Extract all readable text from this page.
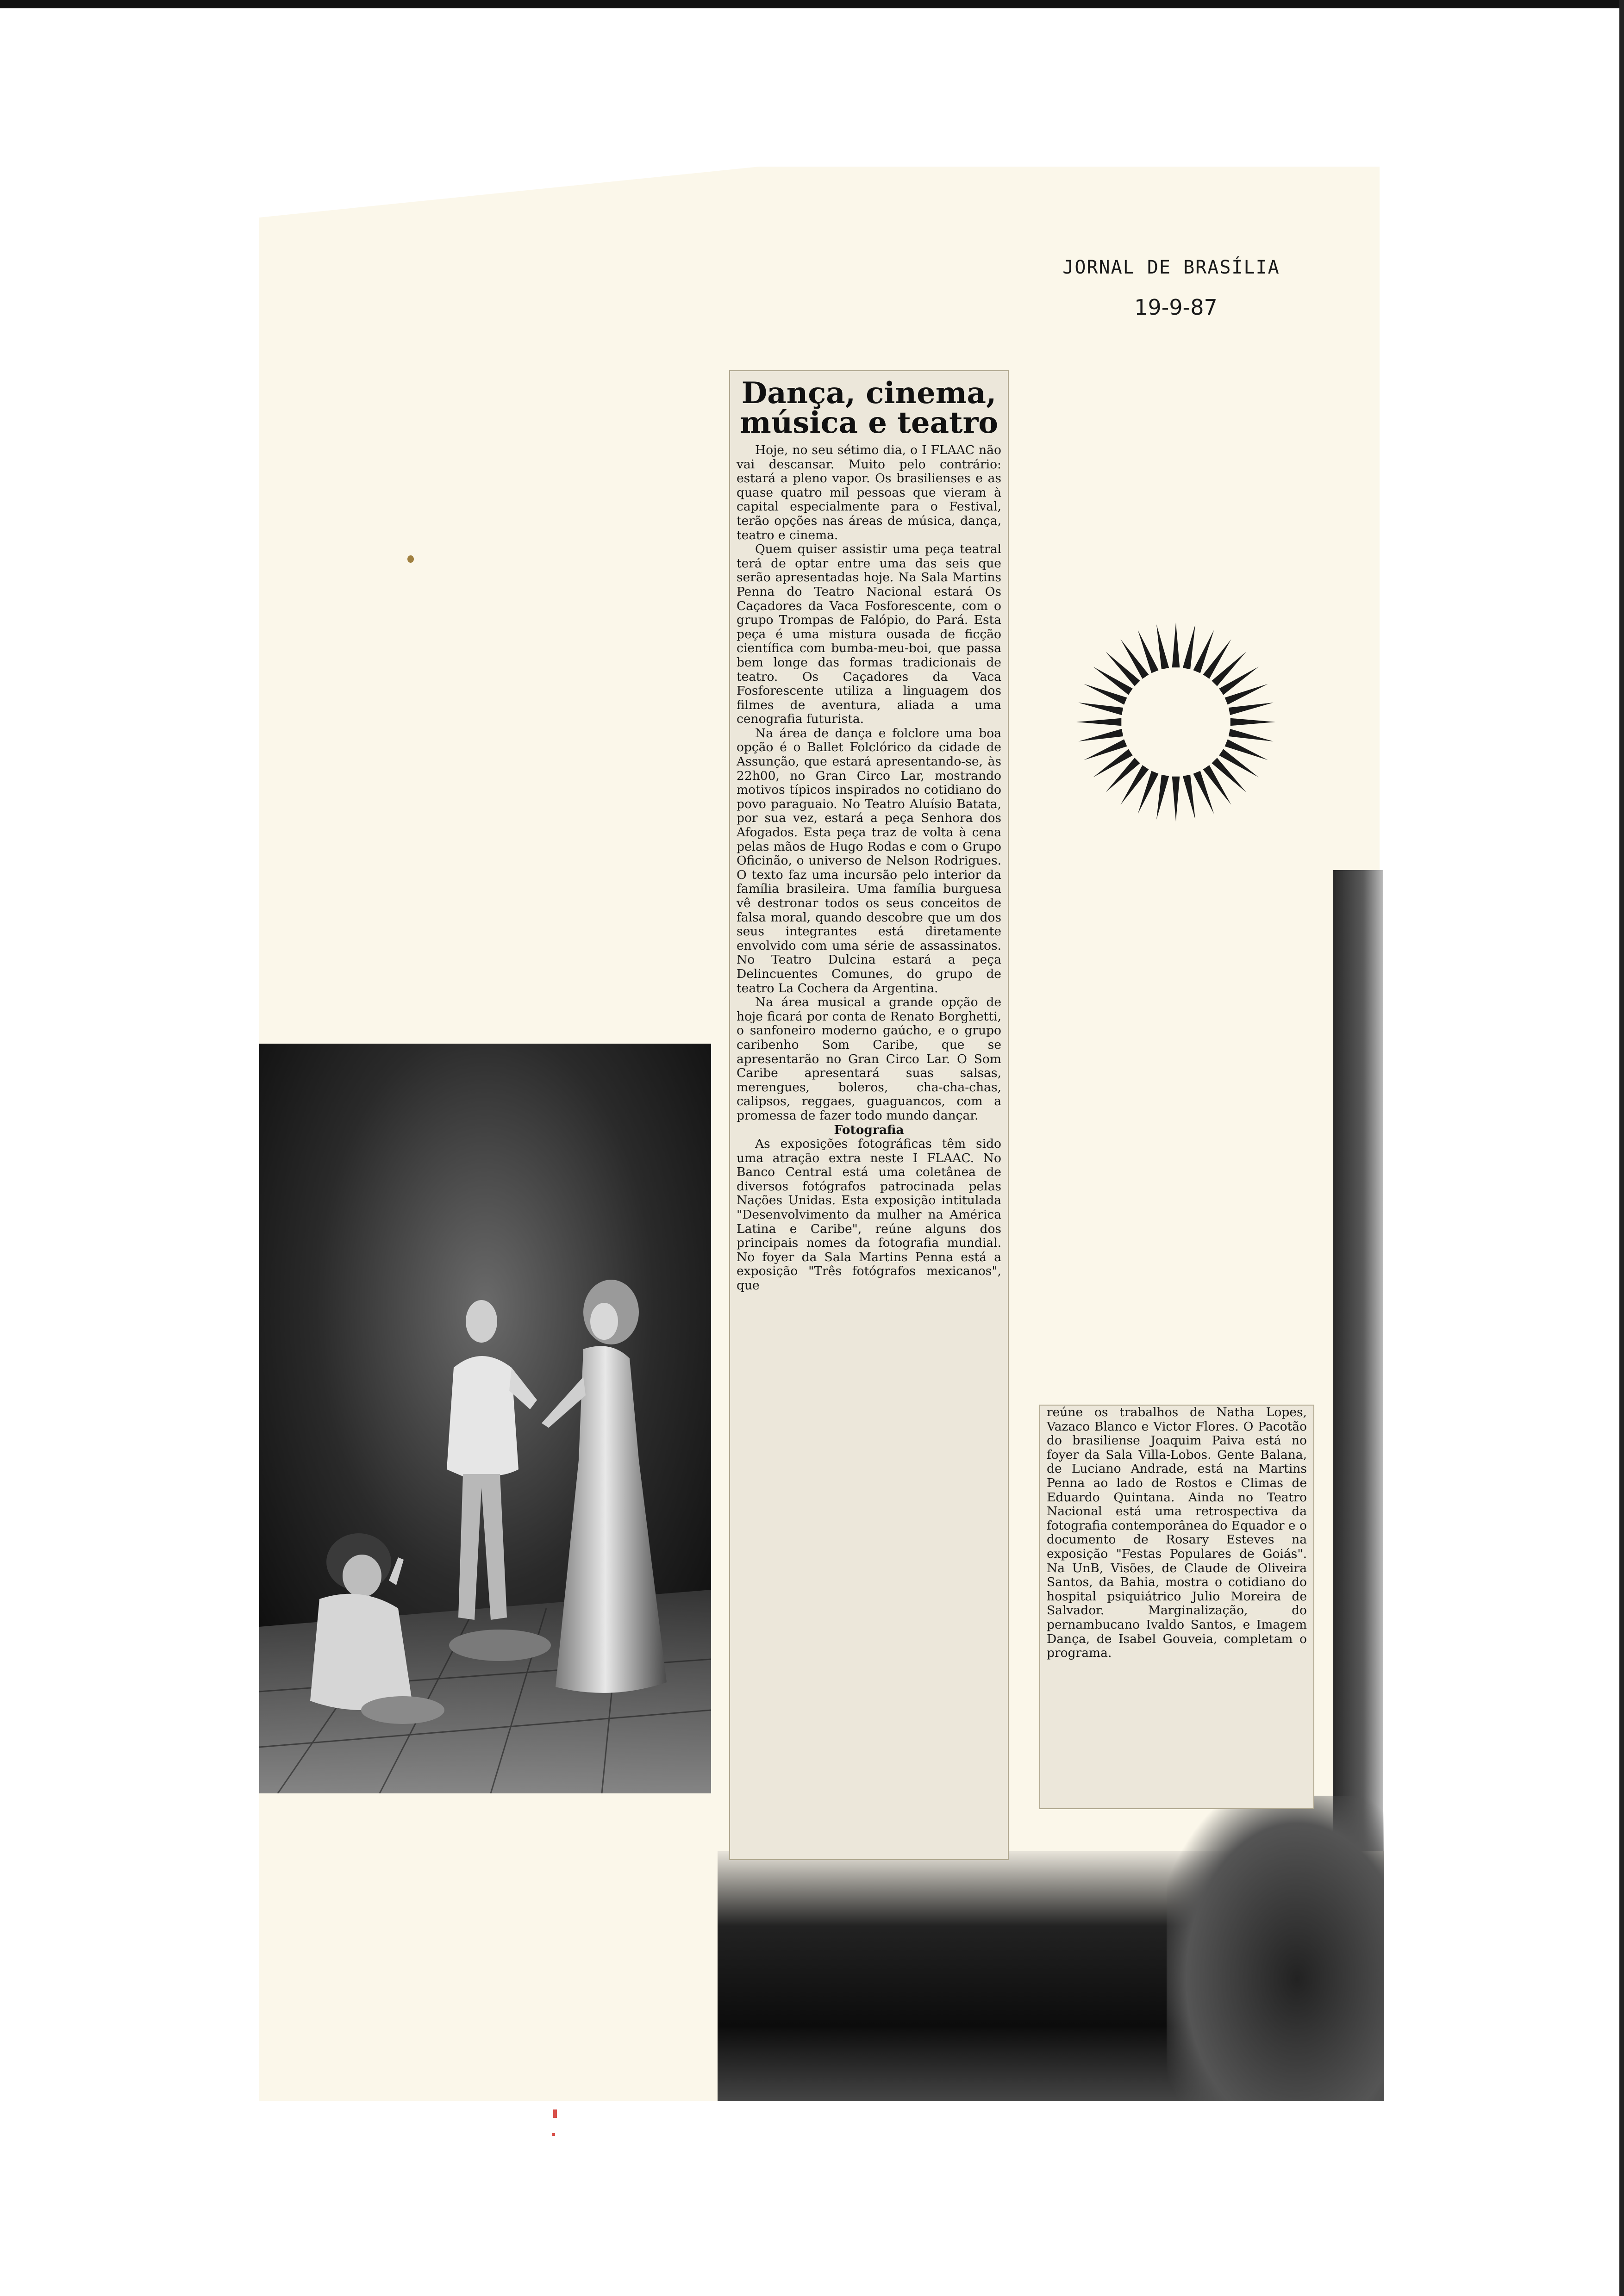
JORNAL DE BRASÍLIA
19-9-87
Dança, cinema,
música e teatro

Hoje, no seu sétimo dia, o I FLAAC não vai descansar. Muito pelo contrário: estará a pleno vapor. Os brasilienses e as quase quatro mil pessoas que vieram à capital especialmente para o Festival, terão opções nas áreas de música, dança, teatro e cinema.

Quem quiser assistir uma peça teatral terá de optar entre uma das seis que serão apresentadas hoje. Na Sala Martins Penna do Teatro Nacional estará Os Caçadores da Vaca Fosforescente, com o grupo Trompas de Falópio, do Pará. Esta peça é uma mistura ousada de ficção científica com bumba-meu-boi, que passa bem longe das formas tradicionais de teatro. Os Caçadores da Vaca Fosforescente utiliza a linguagem dos filmes de aventura, aliada a uma cenografia futurista.

Na área de dança e folclore uma boa opção é o Ballet Folclórico da cidade de Assunção, que estará apresentando-se, às 22h00, no Gran Circo Lar, mostrando motivos típicos inspirados no cotidiano do povo paraguaio. No Teatro Aluísio Batata, por sua vez, estará a peça Senhora dos Afogados. Esta peça traz de volta à cena pelas mãos de Hugo Rodas e com o Grupo Oficinão, o universo de Nelson Rodrigues. O texto faz uma incursão pelo interior da família brasileira. Uma família burguesa vê destronar todos os seus conceitos de falsa moral, quando descobre que um dos seus integrantes está diretamente envolvido com uma série de assassinatos. No Teatro Dulcina estará a peça Delincuentes Comunes, do grupo de teatro La Cochera da Argentina.

Na área musical a grande opção de hoje ficará por conta de Renato Borghetti, o sanfoneiro moderno gaúcho, e o grupo caribenho Som Caribe, que se apresentarão no Gran Circo Lar. O Som Caribe apresentará suas salsas, merengues, boleros, cha-cha-chas, calipsos, reggaes, guaguancos, com a promessa de fazer todo mundo dançar.

Fotografia

As exposições fotográficas têm sido uma atração extra neste I FLAAC. No Banco Central está uma coletânea de diversos fotógrafos patrocinada pelas Nações Unidas. Esta exposição intitulada "Desenvolvimento da mulher na América Latina e Caribe", reúne alguns dos principais nomes da fotografia mundial. No foyer da Sala Martins Penna está a exposição "Três fotógrafos mexicanos", que

reúne os trabalhos de Natha Lopes, Vazaco Blanco e Victor Flores. O Pacotão do brasiliense Joaquim Paiva está no foyer da Sala Villa-Lobos. Gente Balana, de Luciano Andrade, está na Martins Penna ao lado de Rostos e Climas de Eduardo Quintana. Ainda no Teatro Nacional está uma retrospectiva da fotografia contemporânea do Equador e o documento de Rosary Esteves na exposição "Festas Populares de Goiás". Na UnB, Visões, de Claude de Oliveira Santos, da Bahia, mostra o cotidiano do hospital psiquiátrico Julio Moreira de Salvador. Marginalização, do pernambucano Ivaldo Santos, e Imagem Dança, de Isabel Gouveia, completam o programa.
